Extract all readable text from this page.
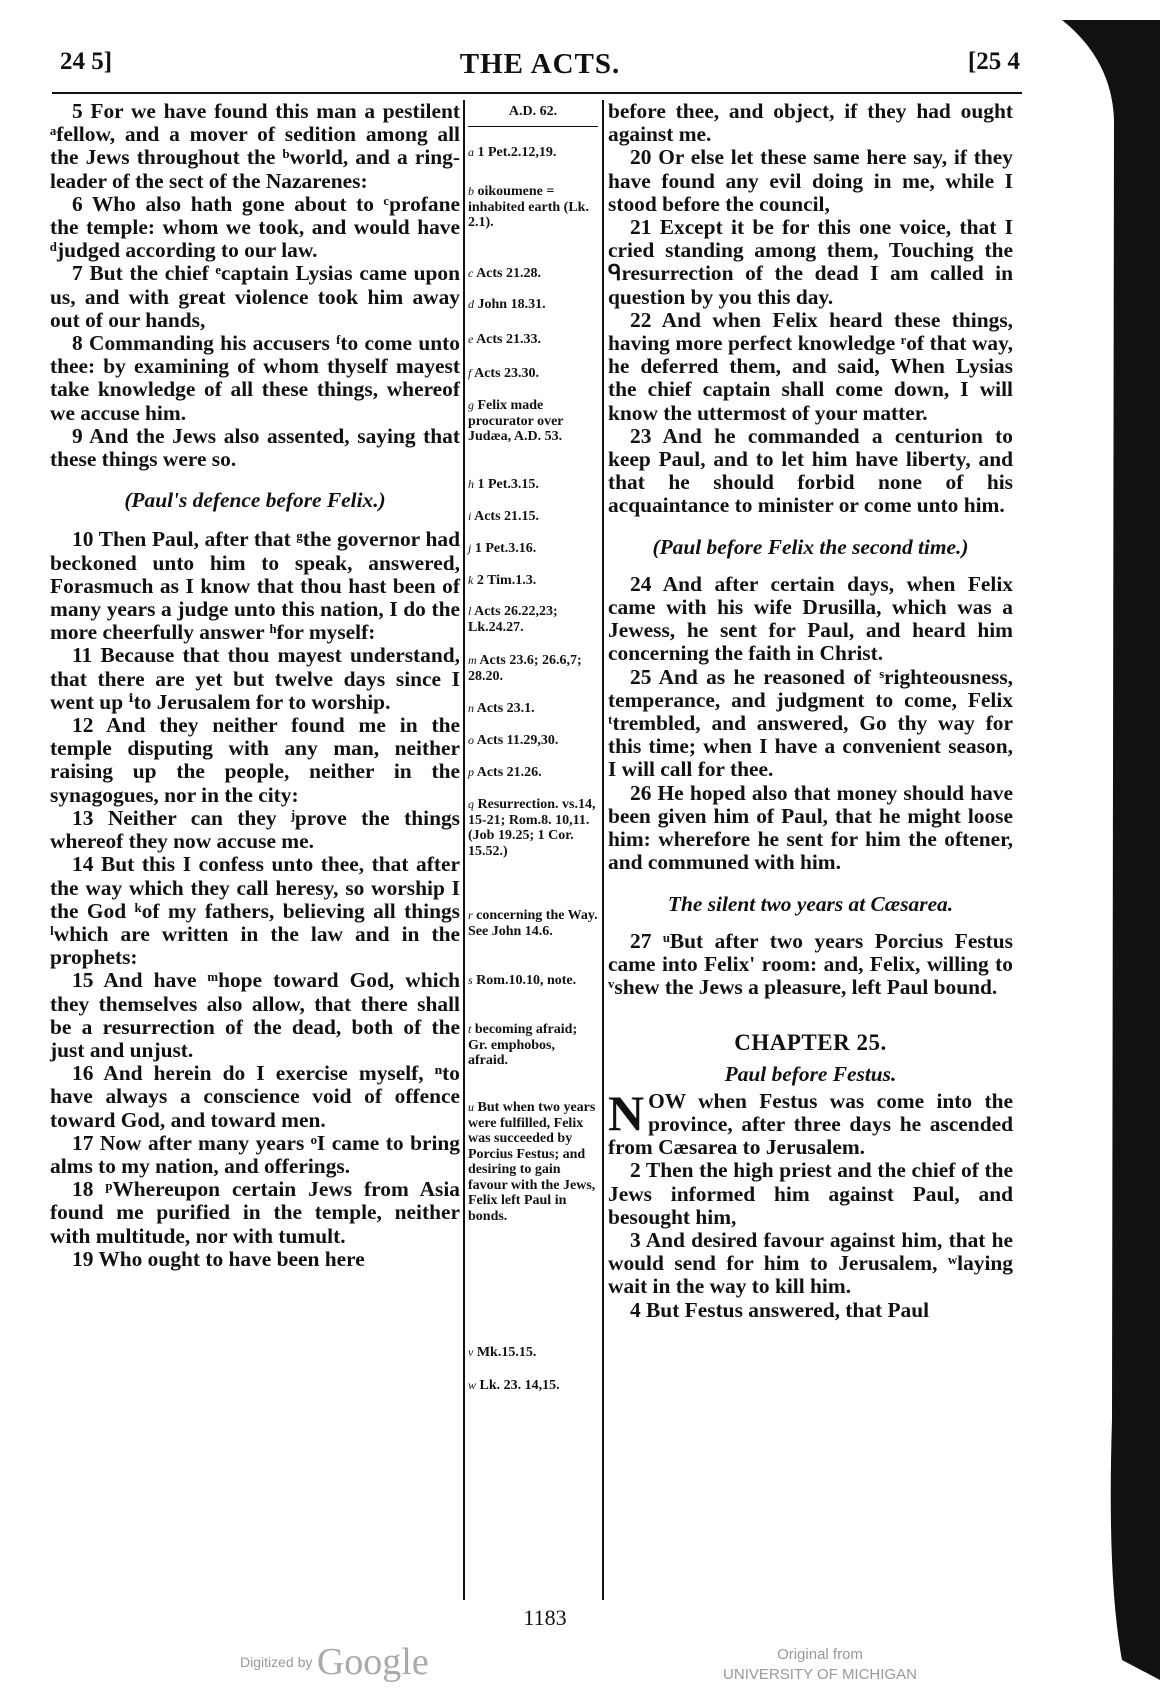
24 5]	THE ACTS.	[25 4

5 For we have found this man a pestilent ᵃfellow, and a mover of sedition among all the Jews throughout the ᵇworld, and a ring-leader of the sect of the Nazarenes:

6 Who also hath gone about to ᶜprofane the temple: whom we took, and would have ᵈjudged according to our law.

7 But the chief ᵉcaptain Lysias came upon us, and with great violence took him away out of our hands,

8 Commanding his accusers ᶠto come unto thee: by examining of whom thyself mayest take knowledge of all these things, whereof we accuse him.

9 And the Jews also assented, saying that these things were so.

(Paul's defence before Felix.)

10 Then Paul, after that ᵍthe governor had beckoned unto him to speak, answered, Forasmuch as I know that thou hast been of many years a judge unto this nation, I do the more cheerfully answer ʰfor myself:

11 Because that thou mayest understand, that there are yet but twelve days since I went up ⁱto Jerusalem for to worship.

12 And they neither found me in the temple disputing with any man, neither raising up the people, neither in the synagogues, nor in the city:

13 Neither can they ʲprove the things whereof they now accuse me.

14 But this I confess unto thee, that after the way which they call heresy, so worship I the God ᵏof my fathers, believing all things ˡwhich are written in the law and in the prophets:

15 And have ᵐhope toward God, which they themselves also allow, that there shall be a resurrection of the dead, both of the just and unjust.

16 And herein do I exercise myself, ⁿto have always a conscience void of offence toward God, and toward men.

17 Now after many years ᵒI came to bring alms to my nation, and offerings.

18 ᵖWhereupon certain Jews from Asia found me purified in the temple, neither with multitude, nor with tumult.

19 Who ought to have been here

A.D. 62.
a 1 Pet.2.12,19.
b oikoumene = inhabited earth (Lk. 2.1).
c Acts 21.28.
d John 18.31.
e Acts 21.33.
f Acts 23.30.
g Felix made procurator over Judæa, A.D. 53.
h 1 Pet.3.15.
i Acts 21.15.
j 1 Pet.3.16.
k 2 Tim.1.3.
l Acts 26.22,23; Lk.24.27.
m Acts 23.6; 26.6,7; 28.20.
n Acts 23.1.
o Acts 11.29,30.
p Acts 21.26.
q Resurrection. vs.14, 15-21; Rom.8. 10,11. (Job 19.25; 1 Cor. 15.52.)
r concerning the Way. See John 14.6.
s Rom.10.10, note.
t becoming afraid; Gr. emphobos, afraid.
u But when two years were fulfilled, Felix was succeeded by Porcius Festus; and desiring to gain favour with the Jews, Felix left Paul in bonds.
v Mk.15.15.
w Lk. 23. 14,15.

before thee, and object, if they had ought against me.

20 Or else let these same here say, if they have found any evil doing in me, while I stood before the council,

21 Except it be for this one voice, that I cried standing among them, Touching the ᑫresurrection of the dead I am called in question by you this day.

22 And when Felix heard these things, having more perfect knowledge ʳof that way, he deferred them, and said, When Lysias the chief captain shall come down, I will know the uttermost of your matter.

23 And he commanded a centurion to keep Paul, and to let him have liberty, and that he should forbid none of his acquaintance to minister or come unto him.

(Paul before Felix the second time.)

24 And after certain days, when Felix came with his wife Drusilla, which was a Jewess, he sent for Paul, and heard him concerning the faith in Christ.

25 And as he reasoned of ˢrighteousness, temperance, and judgment to come, Felix ᵗtrembled, and answered, Go thy way for this time; when I have a convenient season, I will call for thee.

26 He hoped also that money should have been given him of Paul, that he might loose him: wherefore he sent for him the oftener, and communed with him.

The silent two years at Cæsarea.

27 ᵘBut after two years Porcius Festus came into Felix' room: and, Felix, willing to ᵛshew the Jews a pleasure, left Paul bound.

CHAPTER 25.

Paul before Festus.

NOW when Festus was come into the province, after three days he ascended from Cæsarea to Jerusalem.

2 Then the high priest and the chief of the Jews informed him against Paul, and besought him,

3 And desired favour against him, that he would send for him to Jerusalem, ʷlaying wait in the way to kill him.

4 But Festus answered, that Paul

1183
Digitized by Google	Original from
UNIVERSITY OF MICHIGAN
